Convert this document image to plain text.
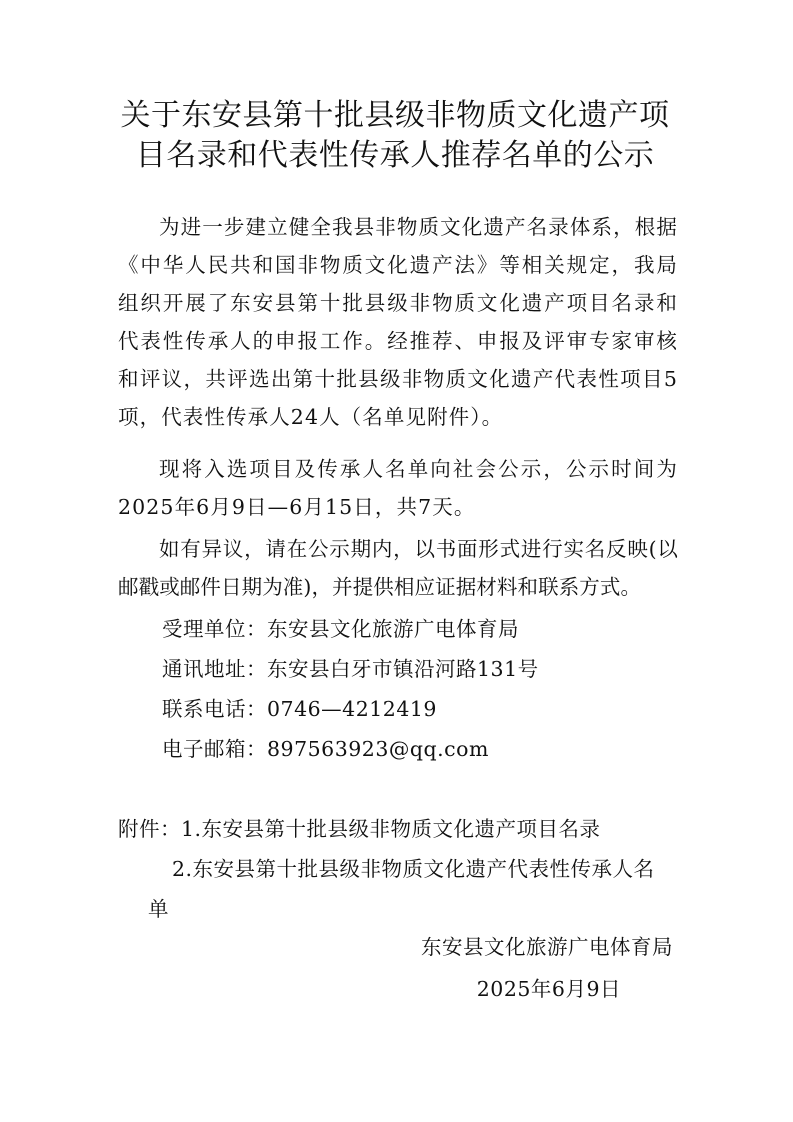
关于东安县第十批县级非物质文化遗产项
目名录和代表性传承人推荐名单的公示

为进一步建立健全我县非物质文化遗产名录体系，根据《中华人民共和国非物质文化遗产法》等相关规定，我局组织开展了东安县第十批县级非物质文化遗产项目名录和代表性传承人的申报工作。经推荐、申报及评审专家审核和评议，共评选出第十批县级非物质文化遗产代表性项目5项，代表性传承人24人（名单见附件）。

现将入选项目及传承人名单向社会公示，公示时间为2025年6月9日—6月15日，共7天。

如有异议，请在公示期内，以书面形式进行实名反映(以邮戳或邮件日期为准)，并提供相应证据材料和联系方式。

受理单位：东安县文化旅游广电体育局

通讯地址：东安县白牙市镇沿河路131号

联系电话：0746—4212419

电子邮箱：897563923@qq.com

附件：1.东安县第十批县级非物质文化遗产项目名录

2.东安县第十批县级非物质文化遗产代表性传承人名

单

东安县文化旅游广电体育局

2025年6月9日
